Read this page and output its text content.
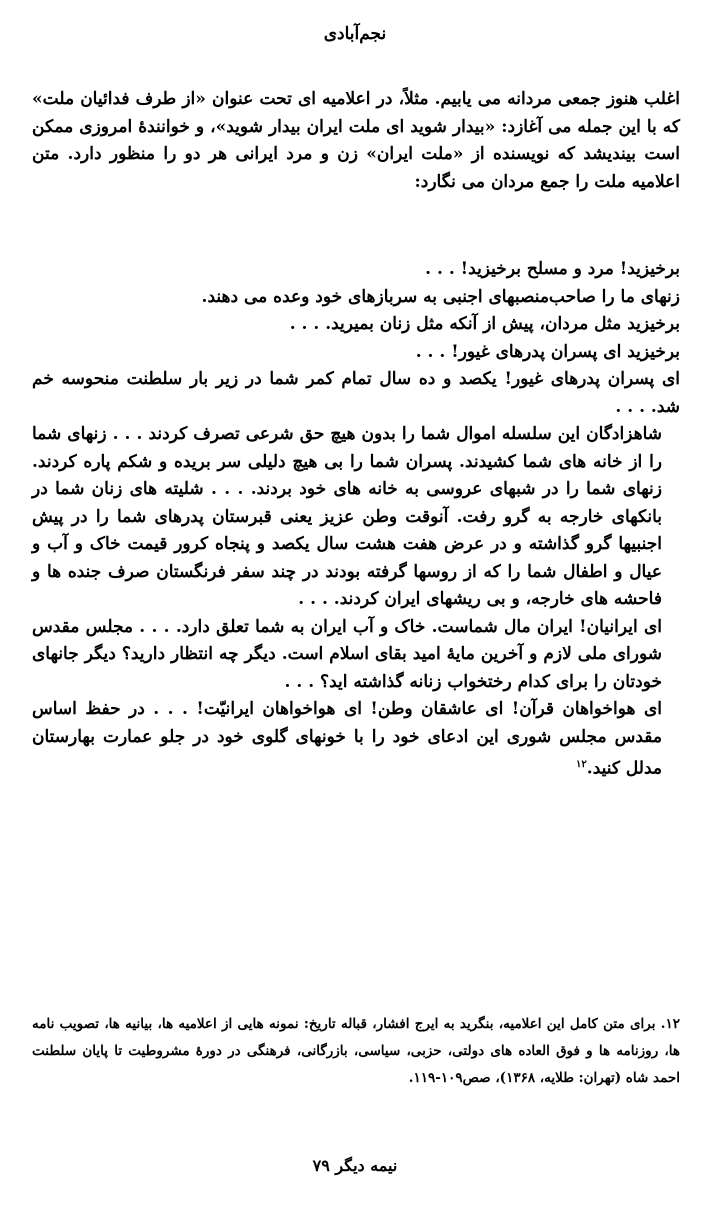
نجم‌آبادی

اغلب هنوز جمعی مردانه می یابیم. مثلاً، در اعلامیه ای تحت عنوان «از طرف فدائیان ملت» که با این جمله می آغازد: «بیدار شوید ای ملت ایران بیدار شوید»، و خوانندهٔ امروزی ممکن است بیندیشد که نویسنده از «ملت ایران» زن و مرد ایرانی هر دو را منظور دارد. متن اعلامیه ملت را جمع مردان می نگارد:

برخیزید! مرد و مسلح برخیزید! . . .

زنهای ما را صاحب‌منصبهای اجنبی به سربازهای خود وعده می دهند.

برخیزید مثل مردان، پیش از آنکه مثل زنان بمیرید. . . .

برخیزید ای پسران پدرهای غیور! . . .

ای پسران پدرهای غیور! یکصد و ده سال تمام کمر شما در زیر بار سلطنت منحوسه خم شد. . . .

شاهزادگان این سلسله اموال شما را بدون هیچ حق شرعی تصرف کردند . . . زنهای شما را از خانه های شما کشیدند. پسران شما را بی هیچ دلیلی سر بریده و شکم پاره کردند. زنهای شما را در شبهای عروسی به خانه های خود بردند. . . . شلیته های زنان شما در بانکهای خارجه به گرو رفت. آنوقت وطن عزیز یعنی قبرستان پدرهای شما را در پیش اجنبیها گرو گذاشته و در عرض هفت هشت سال یکصد و پنجاه کرور قیمت خاک و آب و عیال و اطفال شما را که از روسها گرفته بودند در چند سفر فرنگستان صرف جنده ها و فاحشه های خارجه، و بی ریشهای ایران کردند. . . .

ای ایرانیان! ایران مال شماست. خاک و آب ایران به شما تعلق دارد. . . . مجلس مقدس شورای ملی لازم و آخرین مایهٔ امید بقای اسلام است. دیگر چه انتظار دارید؟ دیگر جانهای خودتان را برای کدام رختخواب زنانه گذاشته اید؟ . . .

ای هواخواهان قرآن! ای عاشقان وطن! ای هواخواهان ایرانیّت! . . . در حفظ اساس مقدس مجلس شوری این ادعای خود را با خونهای گلوی خود در جلو عمارت بهارستان مدلل کنید.$^{۱۲}$

۱۲. برای متن کامل این اعلامیه، بنگرید به ایرج افشار، قباله تاریخ: نمونه هایی از اعلامیه ها، بیانیه ها، تصویب نامه ها، روزنامه ها و فوق العاده های دولتی، حزبی، سیاسی، بازرگانی، فرهنگی در دورهٔ مشروطیت تا پایان سلطنت احمد شاه (تهران: طلایه، ۱۳۶۸)، صص۱۰۹-۱۱۹.

نیمه دیگر ۷۹
